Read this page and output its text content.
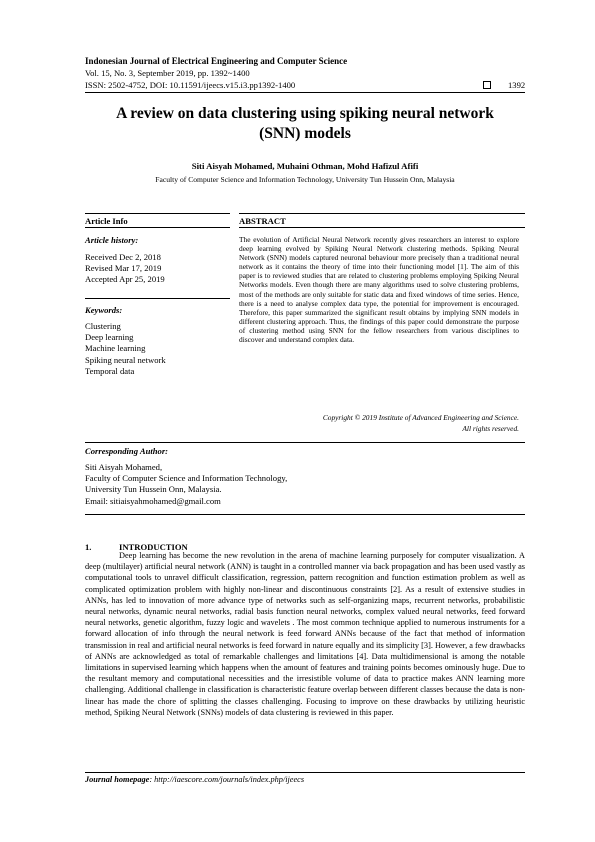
Indonesian Journal of Electrical Engineering and Computer Science
Vol. 15, No. 3, September 2019, pp. 1392~1400
ISSN: 2502-4752, DOI: 10.11591/ijeecs.v15.i3.pp1392-1400	1392
A review on data clustering using spiking neural network
(SNN) models
Siti Aisyah Mohamed, Muhaini Othman, Mohd Hafizul Afifi
Faculty of Computer Science and Information Technology, University Tun Hussein Onn, Malaysia
Article Info	ABSTRACT
Article history:
Received Dec 2, 2018
Revised Mar 17, 2019
Accepted Apr 25, 2019
Keywords:
Clustering
Deep learning
Machine learning
Spiking neural network
Temporal data
The evolution of Artificial Neural Network recently gives researchers an interest to explore deep learning evolved by Spiking Neural Network clustering methods. Spiking Neural Network (SNN) models captured neuronal behaviour more precisely than a traditional neural network as it contains the theory of time into their functioning model [1]. The aim of this paper is to reviewed studies that are related to clustering problems employing Spiking Neural Networks models. Even though there are many algorithms used to solve clustering problems, most of the methods are only suitable for static data and fixed windows of time series. Hence, there is a need to analyse complex data type, the potential for improvement is encouraged. Therefore, this paper summarized the significant result obtains by implying SNN models in different clustering approach. Thus, the findings of this paper could demonstrate the purpose of clustering method using SNN for the fellow researchers from various disciplines to discover and understand complex data.
Copyright © 2019 Institute of Advanced Engineering and Science.
All rights reserved.
Corresponding Author:
Siti Aisyah Mohamed,
Faculty of Computer Science and Information Technology,
University Tun Hussein Onn, Malaysia.
Email: sitiaisyahmohamed@gmail.com
1.	INTRODUCTION
Deep learning has become the new revolution in the arena of machine learning purposely for computer visualization. A deep (multilayer) artificial neural network (ANN) is taught in a controlled manner via back propagation and has been used vastly as computational tools to unravel difficult classification, regression, pattern recognition and function estimation problem as well as complicated optimization problem with highly non-linear and discontinuous constraints [2]. As a result of extensive studies in ANNs, has led to innovation of more advance type of networks such as self-organizing maps, recurrent networks, probabilistic neural networks, dynamic neural networks, radial basis function neural networks, complex valued neural networks, feed forward neural networks, genetic algorithm, fuzzy logic and wavelets . The most common technique applied to numerous instruments for a forward allocation of info through the neural network is feed forward ANNs because of the fact that method of information transmission in real and artificial neural networks is feed forward in nature equally and its simplicity [3]. However, a few drawbacks of ANNs are acknowledged as total of remarkable challenges and limitations [4]. Data multidimensional is among the notable limitations in supervised learning which happens when the amount of features and training points becomes ominously huge. Due to the resultant memory and computational necessities and the irresistible volume of data to practice makes ANN learning more challenging. Additional challenge in classification is characteristic feature overlap between different classes because the data is non-linear has made the chore of splitting the classes challenging. Focusing to improve on these drawbacks by utilizing heuristic method, Spiking Neural Network (SNNs) models of data clustering is reviewed in this paper.
Journal homepage: http://iaescore.com/journals/index.php/ijeecs
